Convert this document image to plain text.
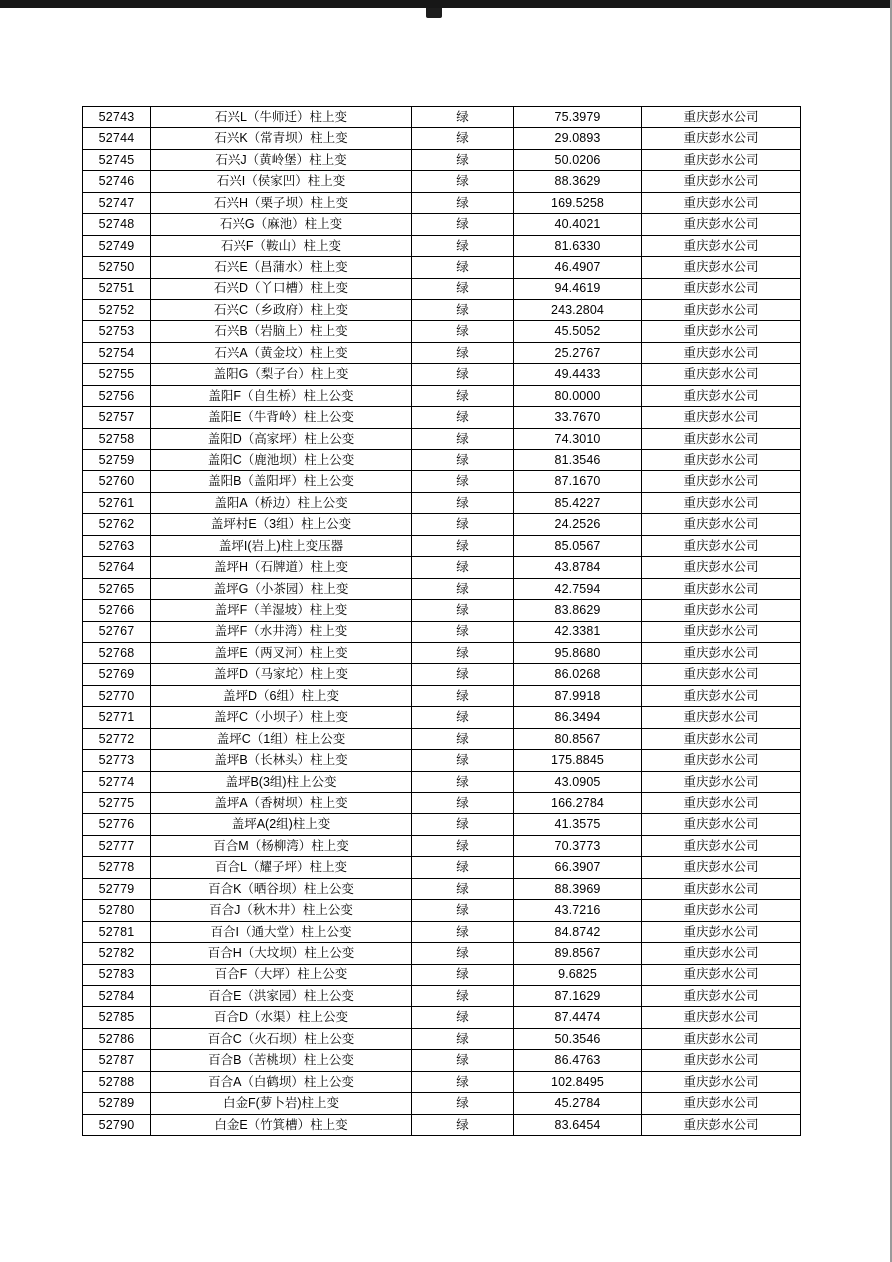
52743	石兴L（牛师迁）柱上变	绿	75.3979	重庆彭水公司
52744	石兴K（常青坝）柱上变	绿	29.0893	重庆彭水公司
52745	石兴J（黄岭堡）柱上变	绿	50.0206	重庆彭水公司
52746	石兴I（侯家凹）柱上变	绿	88.3629	重庆彭水公司
52747	石兴H（栗子坝）柱上变	绿	169.5258	重庆彭水公司
52748	石兴G（麻池）柱上变	绿	40.4021	重庆彭水公司
52749	石兴F（鞍山）柱上变	绿	81.6330	重庆彭水公司
52750	石兴E（昌蒲水）柱上变	绿	46.4907	重庆彭水公司
52751	石兴D（丫口槽）柱上变	绿	94.4619	重庆彭水公司
52752	石兴C（乡政府）柱上变	绿	243.2804	重庆彭水公司
52753	石兴B（岩脑上）柱上变	绿	45.5052	重庆彭水公司
52754	石兴A（黄金坟）柱上变	绿	25.2767	重庆彭水公司
52755	盖阳G（梨子台）柱上变	绿	49.4433	重庆彭水公司
52756	盖阳F（自生桥）柱上公变	绿	80.0000	重庆彭水公司
52757	盖阳E（牛背岭）柱上公变	绿	33.7670	重庆彭水公司
52758	盖阳D（高家坪）柱上公变	绿	74.3010	重庆彭水公司
52759	盖阳C（鹿池坝）柱上公变	绿	81.3546	重庆彭水公司
52760	盖阳B（盖阳坪）柱上公变	绿	87.1670	重庆彭水公司
52761	盖阳A（桥边）柱上公变	绿	85.4227	重庆彭水公司
52762	盖坪村E（3组）柱上公变	绿	24.2526	重庆彭水公司
52763	盖坪I(岩上)柱上变压器	绿	85.0567	重庆彭水公司
52764	盖坪H（石牌道）柱上变	绿	43.8784	重庆彭水公司
52765	盖坪G（小茶园）柱上变	绿	42.7594	重庆彭水公司
52766	盖坪F（羊湿坡）柱上变	绿	83.8629	重庆彭水公司
52767	盖坪F（水井湾）柱上变	绿	42.3381	重庆彭水公司
52768	盖坪E（两叉河）柱上变	绿	95.8680	重庆彭水公司
52769	盖坪D（马家坨）柱上变	绿	86.0268	重庆彭水公司
52770	盖坪D（6组）柱上变	绿	87.9918	重庆彭水公司
52771	盖坪C（小坝子）柱上变	绿	86.3494	重庆彭水公司
52772	盖坪C（1组）柱上公变	绿	80.8567	重庆彭水公司
52773	盖坪B（长林头）柱上变	绿	175.8845	重庆彭水公司
52774	盖坪B(3组)柱上公变	绿	43.0905	重庆彭水公司
52775	盖坪A（香树坝）柱上变	绿	166.2784	重庆彭水公司
52776	盖坪A(2组)柱上变	绿	41.3575	重庆彭水公司
52777	百合M（杨柳湾）柱上变	绿	70.3773	重庆彭水公司
52778	百合L（耀子坪）柱上变	绿	66.3907	重庆彭水公司
52779	百合K（晒谷坝）柱上公变	绿	88.3969	重庆彭水公司
52780	百合J（秋木井）柱上公变	绿	43.7216	重庆彭水公司
52781	百合I（通大堂）柱上公变	绿	84.8742	重庆彭水公司
52782	百合H（大坟坝）柱上公变	绿	89.8567	重庆彭水公司
52783	百合F（大坪）柱上公变	绿	9.6825	重庆彭水公司
52784	百合E（洪家园）柱上公变	绿	87.1629	重庆彭水公司
52785	百合D（水渠）柱上公变	绿	87.4474	重庆彭水公司
52786	百合C（火石坝）柱上公变	绿	50.3546	重庆彭水公司
52787	百合B（苦桃坝）柱上公变	绿	86.4763	重庆彭水公司
52788	百合A（白鹤坝）柱上公变	绿	102.8495	重庆彭水公司
52789	白金F(萝卜岩)柱上变	绿	45.2784	重庆彭水公司
52790	白金E（竹箕槽）柱上变	绿	83.6454	重庆彭水公司
